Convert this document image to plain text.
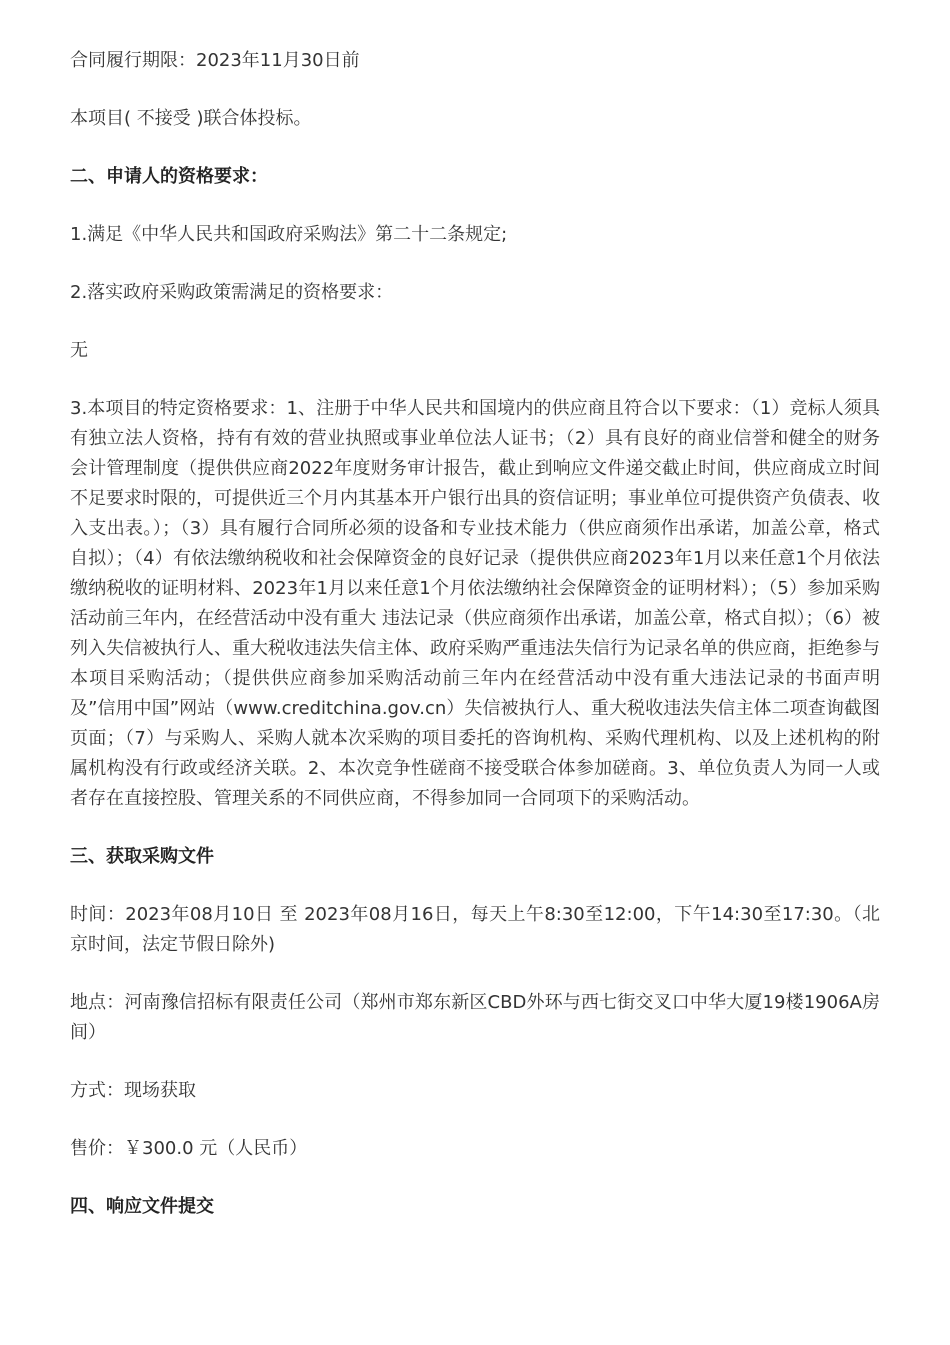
合同履行期限：2023年11月30日前

本项目( 不接受 )联合体投标。

二、申请人的资格要求：

1.满足《中华人民共和国政府采购法》第二十二条规定;

2.落实政府采购政策需满足的资格要求：

无

3.本项目的特定资格要求：1、注册于中华人民共和国境内的供应商且符合以下要求：（1）竞标人须具有独立法人资格，持有有效的营业执照或事业单位法人证书；（2）具有良好的商业信誉和健全的财务会计管理制度（提供供应商2022年度财务审计报告，截止到响应文件递交截止时间，供应商成立时间不足要求时限的，可提供近三个月内其基本开户银行出具的资信证明；事业单位可提供资产负债表、收入支出表。）；（3）具有履行合同所必须的设备和专业技术能力（供应商须作出承诺，加盖公章，格式自拟）；（4）有依法缴纳税收和社会保障资金的良好记录（提供供应商2023年1月以来任意1个月依法缴纳税收的证明材料、2023年1月以来任意1个月依法缴纳社会保障资金的证明材料）；（5）参加采购活动前三年内，在经营活动中没有重大 违法记录（供应商须作出承诺，加盖公章，格式自拟）；（6）被列入失信被执行人、重大税收违法失信主体、政府采购严重违法失信行为记录名单的供应商，拒绝参与本项目采购活动；（提供供应商参加采购活动前三年内在经营活动中没有重大违法记录的书面声明及”信用中国”网站（www.creditchina.gov.cn）失信被执行人、重大税收违法失信主体二项查询截图页面；（7）与采购人、采购人就本次采购的项目委托的咨询机构、采购代理机构、以及上述机构的附属机构没有行政或经济关联。2、本次竞争性磋商不接受联合体参加磋商。3、单位负责人为同一人或者存在直接控股、管理关系的不同供应商，不得参加同一合同项下的采购活动。

三、获取采购文件

时间：2023年08月10日 至 2023年08月16日，每天上午8:30至12:00，下午14:30至17:30。（北京时间，法定节假日除外)

地点：河南豫信招标有限责任公司（郑州市郑东新区CBD外环与西七街交叉口中华大厦19楼1906A房间）

方式：现场获取

售价：￥300.0 元（人民币）

四、响应文件提交
